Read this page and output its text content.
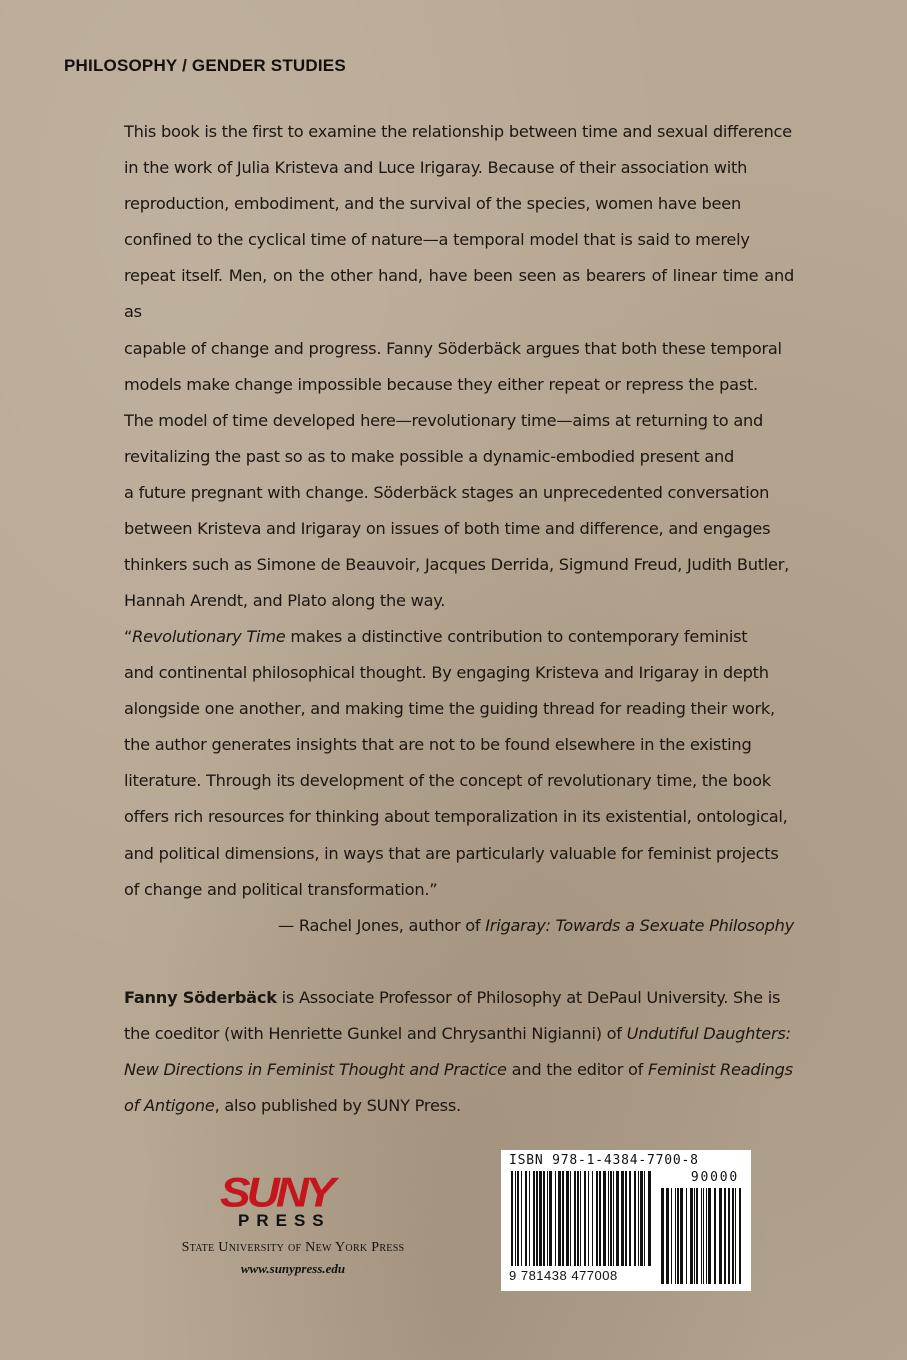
PHILOSOPHY / GENDER STUDIES
This book is the first to examine the relationship between time and sexual difference
in the work of Julia Kristeva and Luce Irigaray. Because of their association with
reproduction, embodiment, and the survival of the species, women have been
confined to the cyclical time of nature—a temporal model that is said to merely
repeat itself. Men, on the other hand, have been seen as bearers of linear time and as
capable of change and progress. Fanny Söderbäck argues that both these temporal
models make change impossible because they either repeat or repress the past.
The model of time developed here—revolutionary time—aims at returning to and
revitalizing the past so as to make possible a dynamic-embodied present and
a future pregnant with change. Söderbäck stages an unprecedented conversation
between Kristeva and Irigaray on issues of both time and difference, and engages
thinkers such as Simone de Beauvoir, Jacques Derrida, Sigmund Freud, Judith Butler,
Hannah Arendt, and Plato along the way.
“Revolutionary Time makes a distinctive contribution to contemporary feminist
and continental philosophical thought. By engaging Kristeva and Irigaray in depth
alongside one another, and making time the guiding thread for reading their work,
the author generates insights that are not to be found elsewhere in the existing
literature. Through its development of the concept of revolutionary time, the book
offers rich resources for thinking about temporalization in its existential, ontological,
and political dimensions, in ways that are particularly valuable for feminist projects
of change and political transformation.”
— Rachel Jones, author of Irigaray: Towards a Sexuate Philosophy
Fanny Söderbäck is Associate Professor of Philosophy at DePaul University. She is
the coeditor (with Henriette Gunkel and Chrysanthi Nigianni) of Undutiful Daughters:
New Directions in Feminist Thought and Practice and the editor of Feminist Readings
of Antigone, also published by SUNY Press.
SUNY
PRESS
State University of New York Press
www.sunypress.edu
ISBN 978-1-4384-7700-8
90000
9 781438 477008
